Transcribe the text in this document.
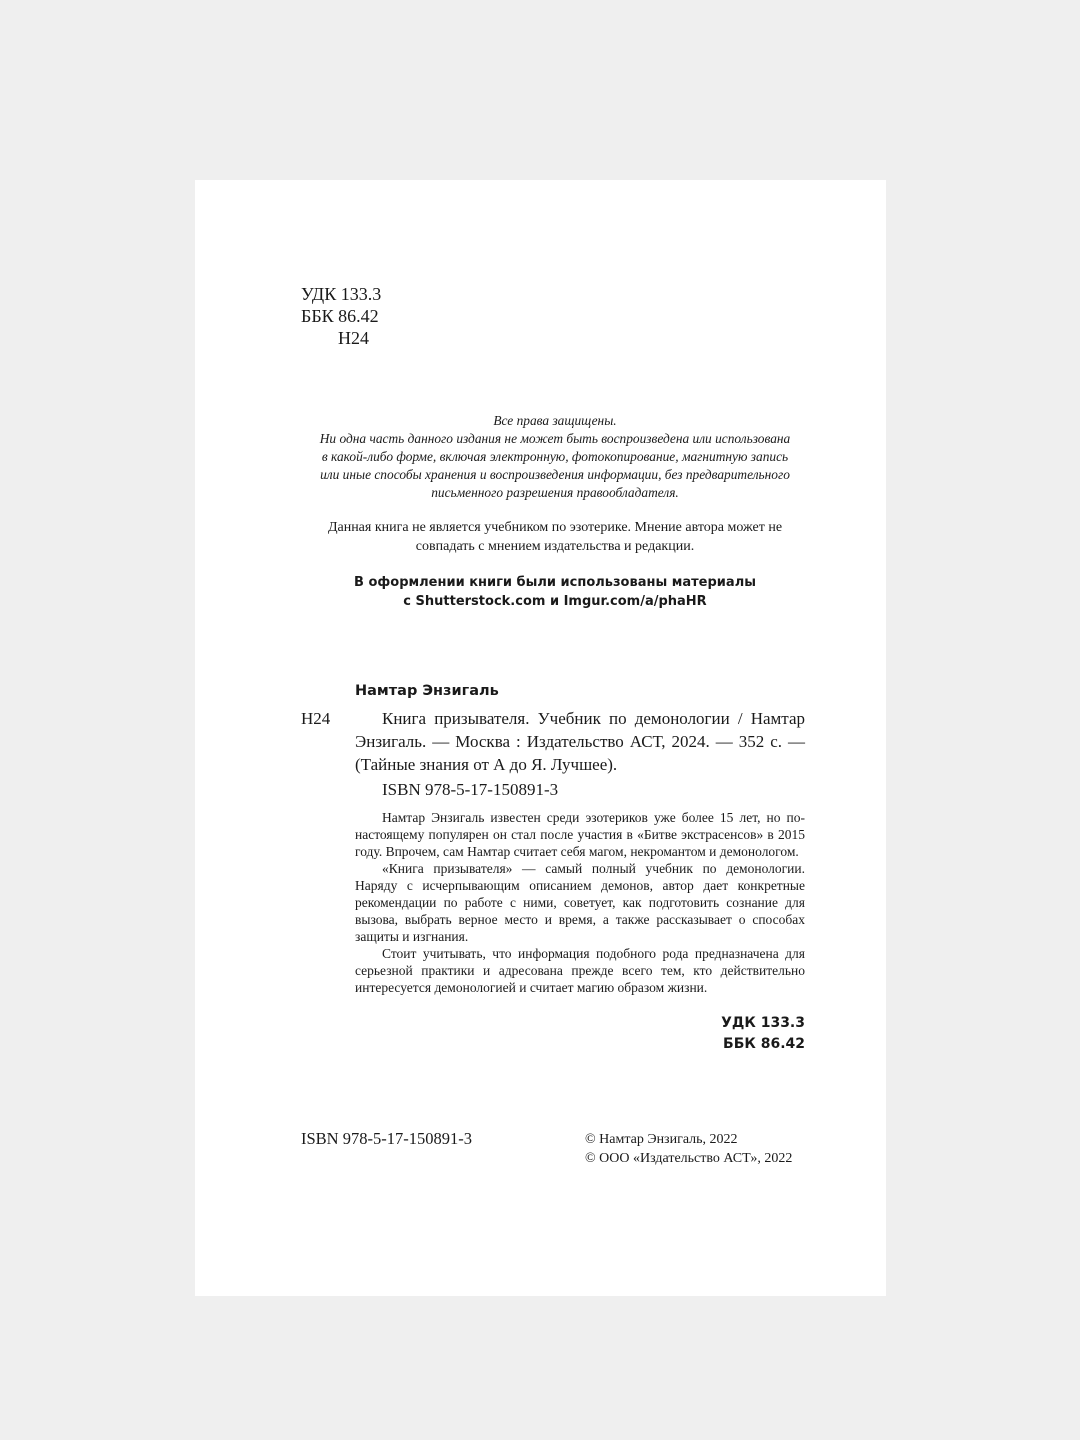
УДК 133.3
ББК 86.42
Н24
Все права защищены.
Ни одна часть данного издания не может быть воспроизведена или использована
в какой-либо форме, включая электронную, фотокопирование, магнитную запись
или иные способы хранения и воспроизведения информации, без предварительного
письменного разрешения правообладателя.
Данная книга не является учебником по эзотерике. Мнение автора может не
совпадать с мнением издательства и редакции.
В оформлении книги были использованы материалы
с Shutterstock.com и Imgur.com/a/phaHR
Намтар Энзигаль
Н24	Книга призывателя. Учебник по демонологии / Намтар Энзигаль. — Москва : Издательство АСТ, 2024. — 352 с. — (Тайные знания от А до Я. Лучшее).
ISBN 978-5-17-150891-3

Намтар Энзигаль известен среди эзотериков уже более 15 лет, но по-настоящему популярен он стал после участия в «Битве экстрасенсов» в 2015 году. Впрочем, сам Намтар считает себя магом, некромантом и демонологом.

«Книга призывателя» — самый полный учебник по демонологии. Наряду с исчерпывающим описанием демонов, автор дает конкретные рекомендации по работе с ними, советует, как подготовить сознание для вызова, выбрать верное место и время, а также рассказывает о способах защиты и изгнания.

Стоит учитывать, что информация подобного рода предназначена для серьезной практики и адресована прежде всего тем, кто действительно интересуется демонологией и считает магию образом жизни.

УДК 133.3
ББК 86.42
ISBN 978-5-17-150891-3	© Намтар Энзигаль, 2022
© ООО «Издательство АСТ», 2022
